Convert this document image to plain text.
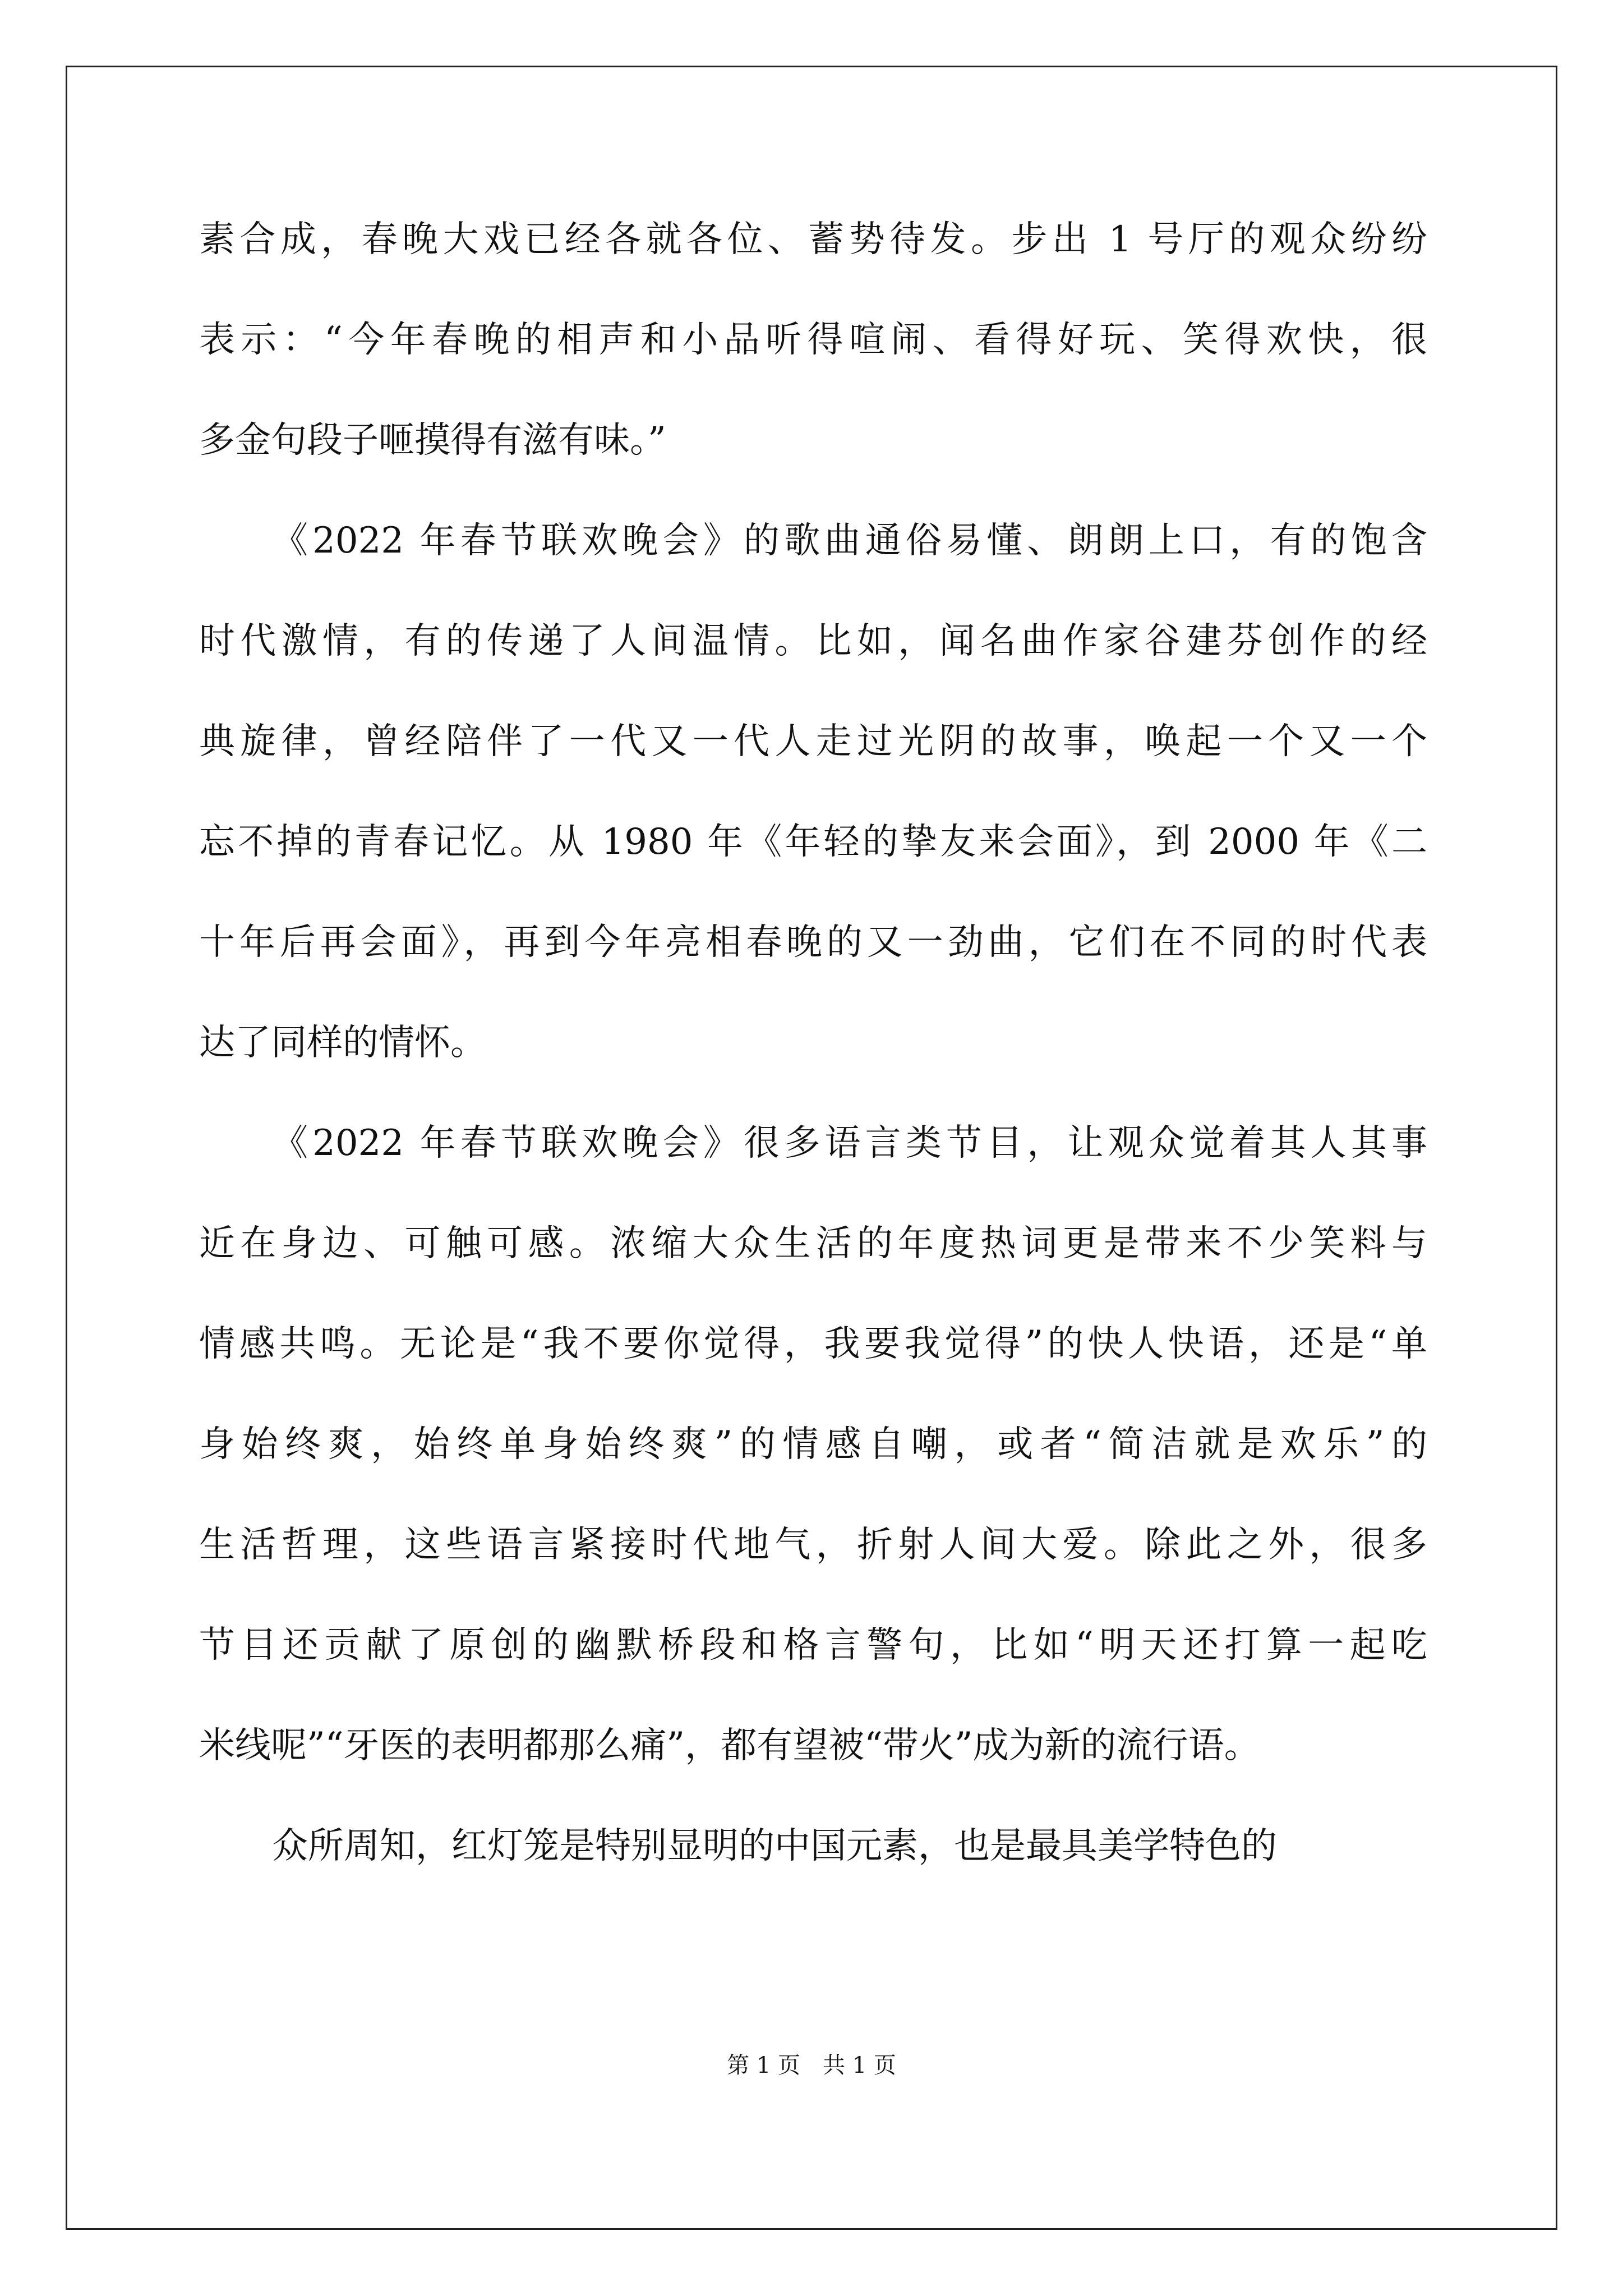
素合成，春晚大戏已经各就各位、蓄势待发。步出 1 号厅的观众纷纷
表示：“今年春晚的相声和小品听得喧闹、看得好玩、笑得欢快，很
多金句段子咂摸得有滋有味。”
《2022 年春节联欢晚会》的歌曲通俗易懂、朗朗上口，有的饱含
时代激情，有的传递了人间温情。比如，闻名曲作家谷建芬创作的经
典旋律，曾经陪伴了一代又一代人走过光阴的故事，唤起一个又一个
忘不掉的青春记忆。从 1980 年《年轻的挚友来会面》，到 2000 年《二
十年后再会面》，再到今年亮相春晚的又一劲曲，它们在不同的时代表
达了同样的情怀。
《2022 年春节联欢晚会》很多语言类节目，让观众觉着其人其事
近在身边、可触可感。浓缩大众生活的年度热词更是带来不少笑料与
情感共鸣。无论是“我不要你觉得，我要我觉得”的快人快语，还是“单
身始终爽，始终单身始终爽”的情感自嘲，或者“简洁就是欢乐”的
生活哲理，这些语言紧接时代地气，折射人间大爱。除此之外，很多
节目还贡献了原创的幽默桥段和格言警句，比如“明天还打算一起吃
米线呢”“牙医的表明都那么痛”，都有望被“带火”成为新的流行语。
众所周知，红灯笼是特别显明的中国元素，也是最具美学特色的
第 1 页　共 1 页
